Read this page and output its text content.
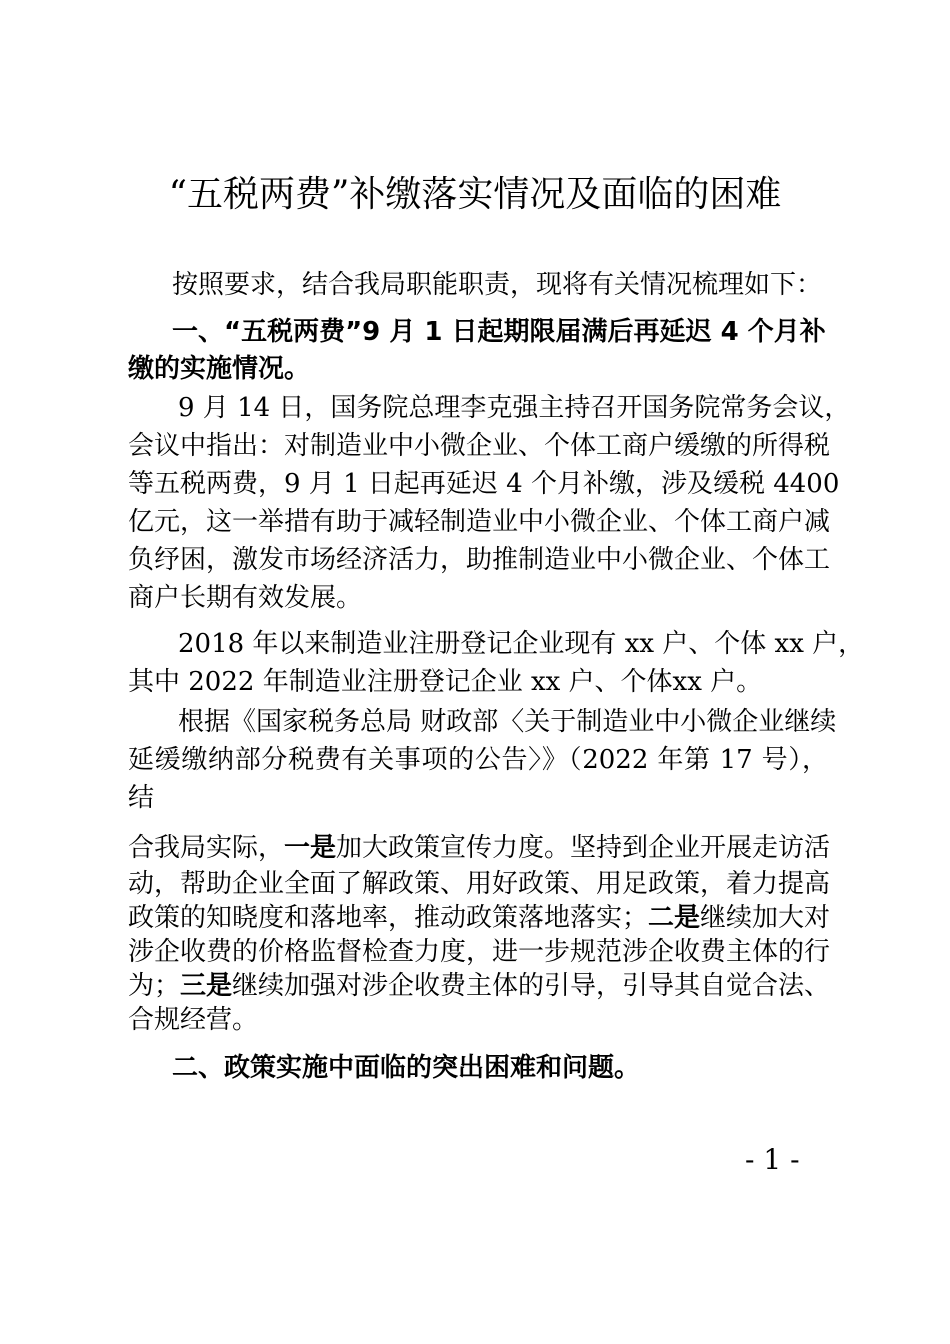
“五税两费”补缴落实情况及面临的困难
按照要求，结合我局职能职责，现将有关情况梳理如下：
一、“五税两费”9 月 1 日起期限届满后再延迟 4 个月补
缴的实施情况。
9 月 14 日，国务院总理李克强主持召开国务院常务会议，
会议中指出：对制造业中小微企业、个体工商户缓缴的所得税
等五税两费，9 月 1 日起再延迟 4 个月补缴，涉及缓税 4400
亿元，这一举措有助于减轻制造业中小微企业、个体工商户减
负纾困，激发市场经济活力，助推制造业中小微企业、个体工
商户长期有效发展。
2018 年以来制造业注册登记企业现有 xx 户、个体 xx 户，
其中 2022 年制造业注册登记企业 xx 户、个体xx 户。
根据《国家税务总局 财政部〈关于制造业中小微企业继续
延缓缴纳部分税费有关事项的公告〉》（2022 年第 17 号），
结
合我局实际，一是加大政策宣传力度。坚持到企业开展走访活
动，帮助企业全面了解政策、用好政策、用足政策，着力提高
政策的知晓度和落地率，推动政策落地落实；二是继续加大对
涉企收费的价格监督检查力度，进一步规范涉企收费主体的行
为；三是继续加强对涉企收费主体的引导，引导其自觉合法、
合规经营。
二、政策实施中面临的突出困难和问题。
- 1 -
